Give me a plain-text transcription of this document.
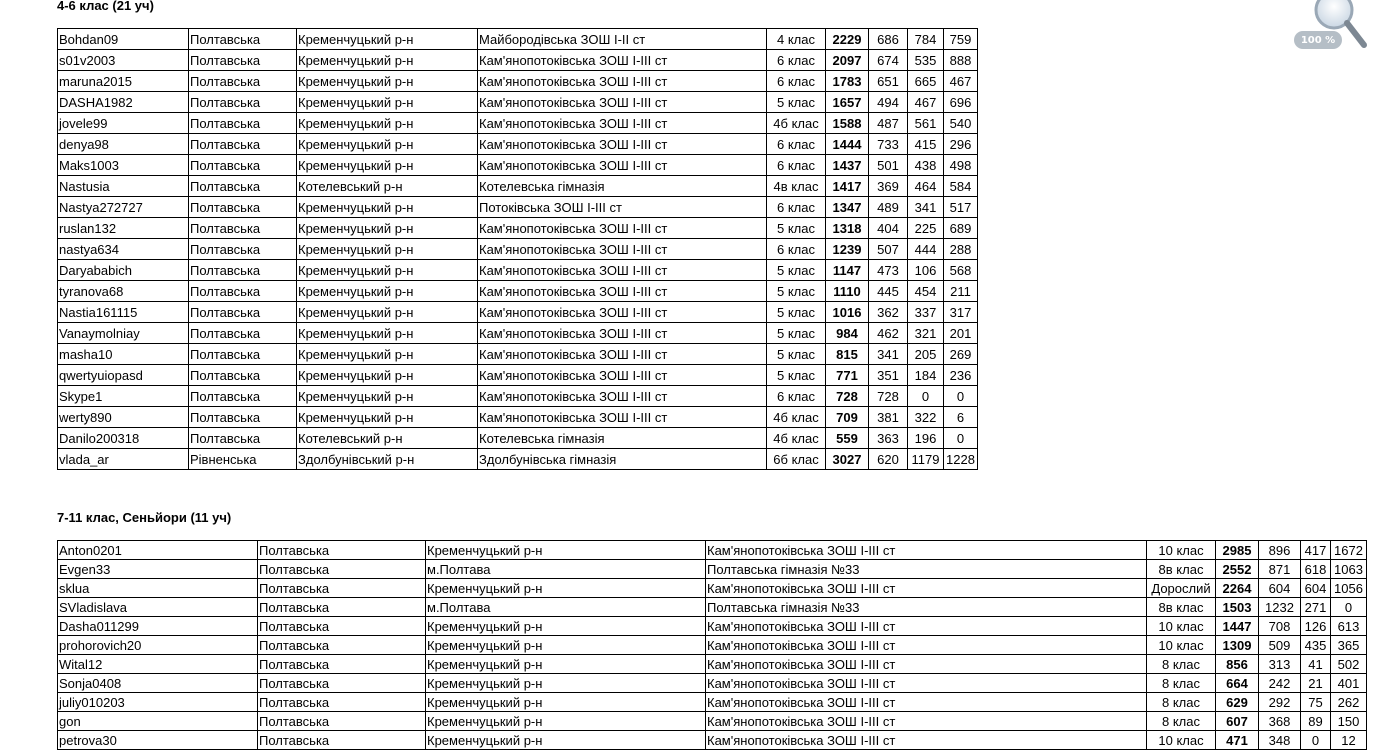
4-6 клас (21 уч)
Bohdan09	Полтавська	Кременчуцький р-н	Майбородівська ЗОШ І-ІІ ст	4 клас	2229	686	784	759
s01v2003	Полтавська	Кременчуцький р-н	Кам'янопотоківська ЗОШ І-ІІІ ст	6 клас	2097	674	535	888
maruna2015	Полтавська	Кременчуцький р-н	Кам'янопотоківська ЗОШ І-ІІІ ст	6 клас	1783	651	665	467
DASHA1982	Полтавська	Кременчуцький р-н	Кам'янопотоківська ЗОШ І-ІІІ ст	5 клас	1657	494	467	696
jovele99	Полтавська	Кременчуцький р-н	Кам'янопотоківська ЗОШ І-ІІІ ст	4б клас	1588	487	561	540
denya98	Полтавська	Кременчуцький р-н	Кам'янопотоківська ЗОШ І-ІІІ ст	6 клас	1444	733	415	296
Maks1003	Полтавська	Кременчуцький р-н	Кам'янопотоківська ЗОШ І-ІІІ ст	6 клас	1437	501	438	498
Nastusia	Полтавська	Котелевський р-н	Котелевська гімназія	4в клас	1417	369	464	584
Nastya272727	Полтавська	Кременчуцький р-н	Потоківська ЗОШ І-ІІІ ст	6 клас	1347	489	341	517
ruslan132	Полтавська	Кременчуцький р-н	Кам'янопотоківська ЗОШ І-ІІІ ст	5 клас	1318	404	225	689
nastya634	Полтавська	Кременчуцький р-н	Кам'янопотоківська ЗОШ І-ІІІ ст	6 клас	1239	507	444	288
Daryababich	Полтавська	Кременчуцький р-н	Кам'янопотоківська ЗОШ І-ІІІ ст	5 клас	1147	473	106	568
tyranova68	Полтавська	Кременчуцький р-н	Кам'янопотоківська ЗОШ І-ІІІ ст	5 клас	1110	445	454	211
Nastia161115	Полтавська	Кременчуцький р-н	Кам'янопотоківська ЗОШ І-ІІІ ст	5 клас	1016	362	337	317
Vanaymolniay	Полтавська	Кременчуцький р-н	Кам'янопотоківська ЗОШ І-ІІІ ст	5 клас	984	462	321	201
masha10	Полтавська	Кременчуцький р-н	Кам'янопотоківська ЗОШ І-ІІІ ст	5 клас	815	341	205	269
qwertyuiopasd	Полтавська	Кременчуцький р-н	Кам'янопотоківська ЗОШ І-ІІІ ст	5 клас	771	351	184	236
Skype1	Полтавська	Кременчуцький р-н	Кам'янопотоківська ЗОШ І-ІІІ ст	6 клас	728	728	0	0
werty890	Полтавська	Кременчуцький р-н	Кам'янопотоківська ЗОШ І-ІІІ ст	4б клас	709	381	322	6
Danilo200318	Полтавська	Котелевський р-н	Котелевська гімназія	4б клас	559	363	196	0
vlada_ar	Рівненська	Здолбунівський р-н	Здолбунівська гімназія	6б клас	3027	620	1179	1228
7-11 клас, Сеньйори (11 уч)
Anton0201	Полтавська	Кременчуцький р-н	Кам'янопотоківська ЗОШ І-ІІІ ст	10 клас	2985	896	417	1672
Evgen33	Полтавська	м.Полтава	Полтавська гімназія №33	8в клас	2552	871	618	1063
sklua	Полтавська	Кременчуцький р-н	Кам'янопотоківська ЗОШ І-ІІІ ст	Дорослий	2264	604	604	1056
SVladislava	Полтавська	м.Полтава	Полтавська гімназія №33	8в клас	1503	1232	271	0
Dasha011299	Полтавська	Кременчуцький р-н	Кам'янопотоківська ЗОШ І-ІІІ ст	10 клас	1447	708	126	613
prohorovich20	Полтавська	Кременчуцький р-н	Кам'янопотоківська ЗОШ І-ІІІ ст	10 клас	1309	509	435	365
Wital12	Полтавська	Кременчуцький р-н	Кам'янопотоківська ЗОШ І-ІІІ ст	8 клас	856	313	41	502
Sonja0408	Полтавська	Кременчуцький р-н	Кам'янопотоківська ЗОШ І-ІІІ ст	8 клас	664	242	21	401
juliy010203	Полтавська	Кременчуцький р-н	Кам'янопотоківська ЗОШ І-ІІІ ст	8 клас	629	292	75	262
gon	Полтавська	Кременчуцький р-н	Кам'янопотоківська ЗОШ І-ІІІ ст	8 клас	607	368	89	150
petrova30	Полтавська	Кременчуцький р-н	Кам'янопотоківська ЗОШ І-ІІІ ст	10 клас	471	348	0	12
100 %
